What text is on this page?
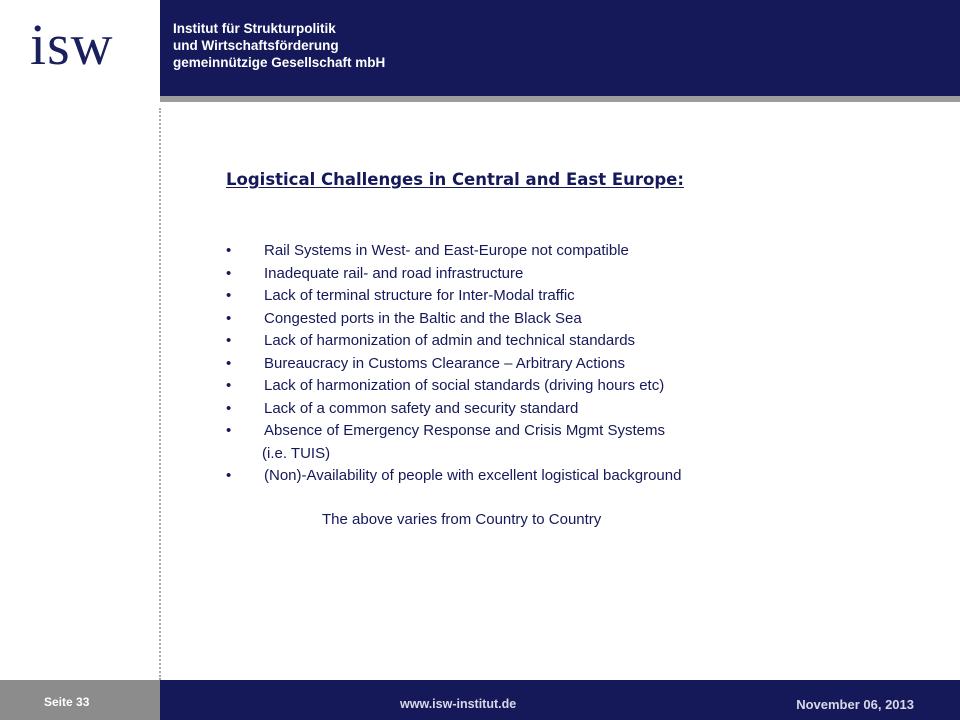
isw	Institut für Strukturpolitik
und Wirtschaftsförderung
gemeinnützige Gesellschaft mbH

Logistical Challenges in Central and East Europe:
• Rail Systems in West- and East-Europe not compatible
• Inadequate rail- and road infrastructure
• Lack of terminal structure for Inter-Modal traffic
• Congested ports in the Baltic and the Black Sea
• Lack of harmonization of admin and technical standards
• Bureaucracy in Customs Clearance – Arbitrary Actions
• Lack of harmonization of social standards (driving hours etc)
• Lack of a common safety and security standard
• Absence of Emergency Response and Crisis Mgmt Systems
(i.e. TUIS)
• (Non)-Availability of people with excellent logistical background

The above varies from Country to Country

Seite 33	www.isw-institut.de	November 06, 2013
